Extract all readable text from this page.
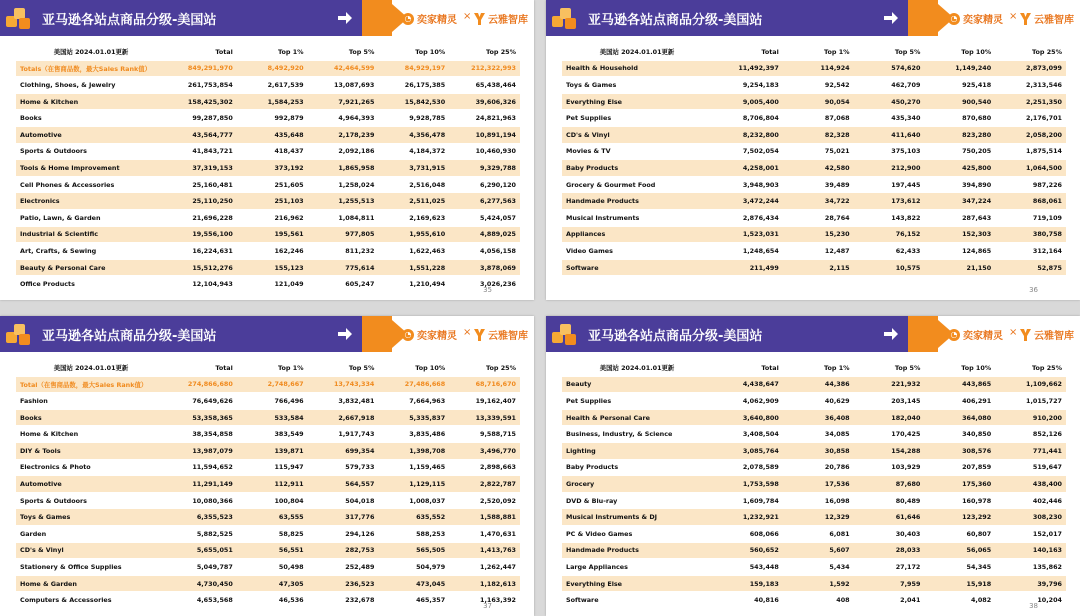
亚马逊各站点商品分级-美国站	◔ 奕家精灵 × 云雅智库
美国站 2024.01.01更新	Total	Top 1%	Top 5%	Top 10%	Top 25%
Totals（在售商品数，最大Sales Rank值）	849,291,970	8,492,920	42,464,599	84,929,197	212,322,993
Clothing, Shoes, & Jewelry	261,753,854	2,617,539	13,087,693	26,175,385	65,438,464
Home & Kitchen	158,425,302	1,584,253	7,921,265	15,842,530	39,606,326
Books	99,287,850	992,879	4,964,393	9,928,785	24,821,963
Automotive	43,564,777	435,648	2,178,239	4,356,478	10,891,194
Sports & Outdoors	41,843,721	418,437	2,092,186	4,184,372	10,460,930
Tools & Home Improvement	37,319,153	373,192	1,865,958	3,731,915	9,329,788
Cell Phones & Accessories	25,160,481	251,605	1,258,024	2,516,048	6,290,120
Electronics	25,110,250	251,103	1,255,513	2,511,025	6,277,563
Patio, Lawn, & Garden	21,696,228	216,962	1,084,811	2,169,623	5,424,057
Industrial & Scientific	19,556,100	195,561	977,805	1,955,610	4,889,025
Art, Crafts, & Sewing	16,224,631	162,246	811,232	1,622,463	4,056,158
Beauty & Personal Care	15,512,276	155,123	775,614	1,551,228	3,878,069
Office Products	12,104,943	121,049	605,247	1,210,494	3,026,236
35
亚马逊各站点商品分级-美国站	◔ 奕家精灵 × 云雅智库
美国站 2024.01.01更新	Total	Top 1%	Top 5%	Top 10%	Top 25%
Health & Household	11,492,397	114,924	574,620	1,149,240	2,873,099
Toys & Games	9,254,183	92,542	462,709	925,418	2,313,546
Everything Else	9,005,400	90,054	450,270	900,540	2,251,350
Pet Supplies	8,706,804	87,068	435,340	870,680	2,176,701
CD's & Vinyl	8,232,800	82,328	411,640	823,280	2,058,200
Movies & TV	7,502,054	75,021	375,103	750,205	1,875,514
Baby Products	4,258,001	42,580	212,900	425,800	1,064,500
Grocery & Gourmet Food	3,948,903	39,489	197,445	394,890	987,226
Handmade Products	3,472,244	34,722	173,612	347,224	868,061
Musical Instruments	2,876,434	28,764	143,822	287,643	719,109
Appliances	1,523,031	15,230	76,152	152,303	380,758
Video Games	1,248,654	12,487	62,433	124,865	312,164
Software	211,499	2,115	10,575	21,150	52,875
36
亚马逊各站点商品分级-美国站	◔ 奕家精灵 × 云雅智库
美国站 2024.01.01更新	Total	Top 1%	Top 5%	Top 10%	Top 25%
Total（在售商品数，最大Sales Rank值）	274,866,680	2,748,667	13,743,334	27,486,668	68,716,670
Fashion	76,649,626	766,496	3,832,481	7,664,963	19,162,407
Books	53,358,365	533,584	2,667,918	5,335,837	13,339,591
Home & Kitchen	38,354,858	383,549	1,917,743	3,835,486	9,588,715
DIY & Tools	13,987,079	139,871	699,354	1,398,708	3,496,770
Electronics & Photo	11,594,652	115,947	579,733	1,159,465	2,898,663
Automotive	11,291,149	112,911	564,557	1,129,115	2,822,787
Sports & Outdoors	10,080,366	100,804	504,018	1,008,037	2,520,092
Toys & Games	6,355,523	63,555	317,776	635,552	1,588,881
Garden	5,882,525	58,825	294,126	588,253	1,470,631
CD's & Vinyl	5,655,051	56,551	282,753	565,505	1,413,763
Stationery & Office Supplies	5,049,787	50,498	252,489	504,979	1,262,447
Home & Garden	4,730,450	47,305	236,523	473,045	1,182,613
Computers & Accessories	4,653,568	46,536	232,678	465,357	1,163,392
37
亚马逊各站点商品分级-美国站	◔ 奕家精灵 × 云雅智库
美国站 2024.01.01更新	Total	Top 1%	Top 5%	Top 10%	Top 25%
Beauty	4,438,647	44,386	221,932	443,865	1,109,662
Pet Supplies	4,062,909	40,629	203,145	406,291	1,015,727
Health & Personal Care	3,640,800	36,408	182,040	364,080	910,200
Business, Industry, & Science	3,408,504	34,085	170,425	340,850	852,126
Lighting	3,085,764	30,858	154,288	308,576	771,441
Baby Products	2,078,589	20,786	103,929	207,859	519,647
Grocery	1,753,598	17,536	87,680	175,360	438,400
DVD & Blu-ray	1,609,784	16,098	80,489	160,978	402,446
Musical Instruments & DJ	1,232,921	12,329	61,646	123,292	308,230
PC & Video Games	608,066	6,081	30,403	60,807	152,017
Handmade Products	560,652	5,607	28,033	56,065	140,163
Large Appliances	543,448	5,434	27,172	54,345	135,862
Everything Else	159,183	1,592	7,959	15,918	39,796
Software	40,816	408	2,041	4,082	10,204
38
